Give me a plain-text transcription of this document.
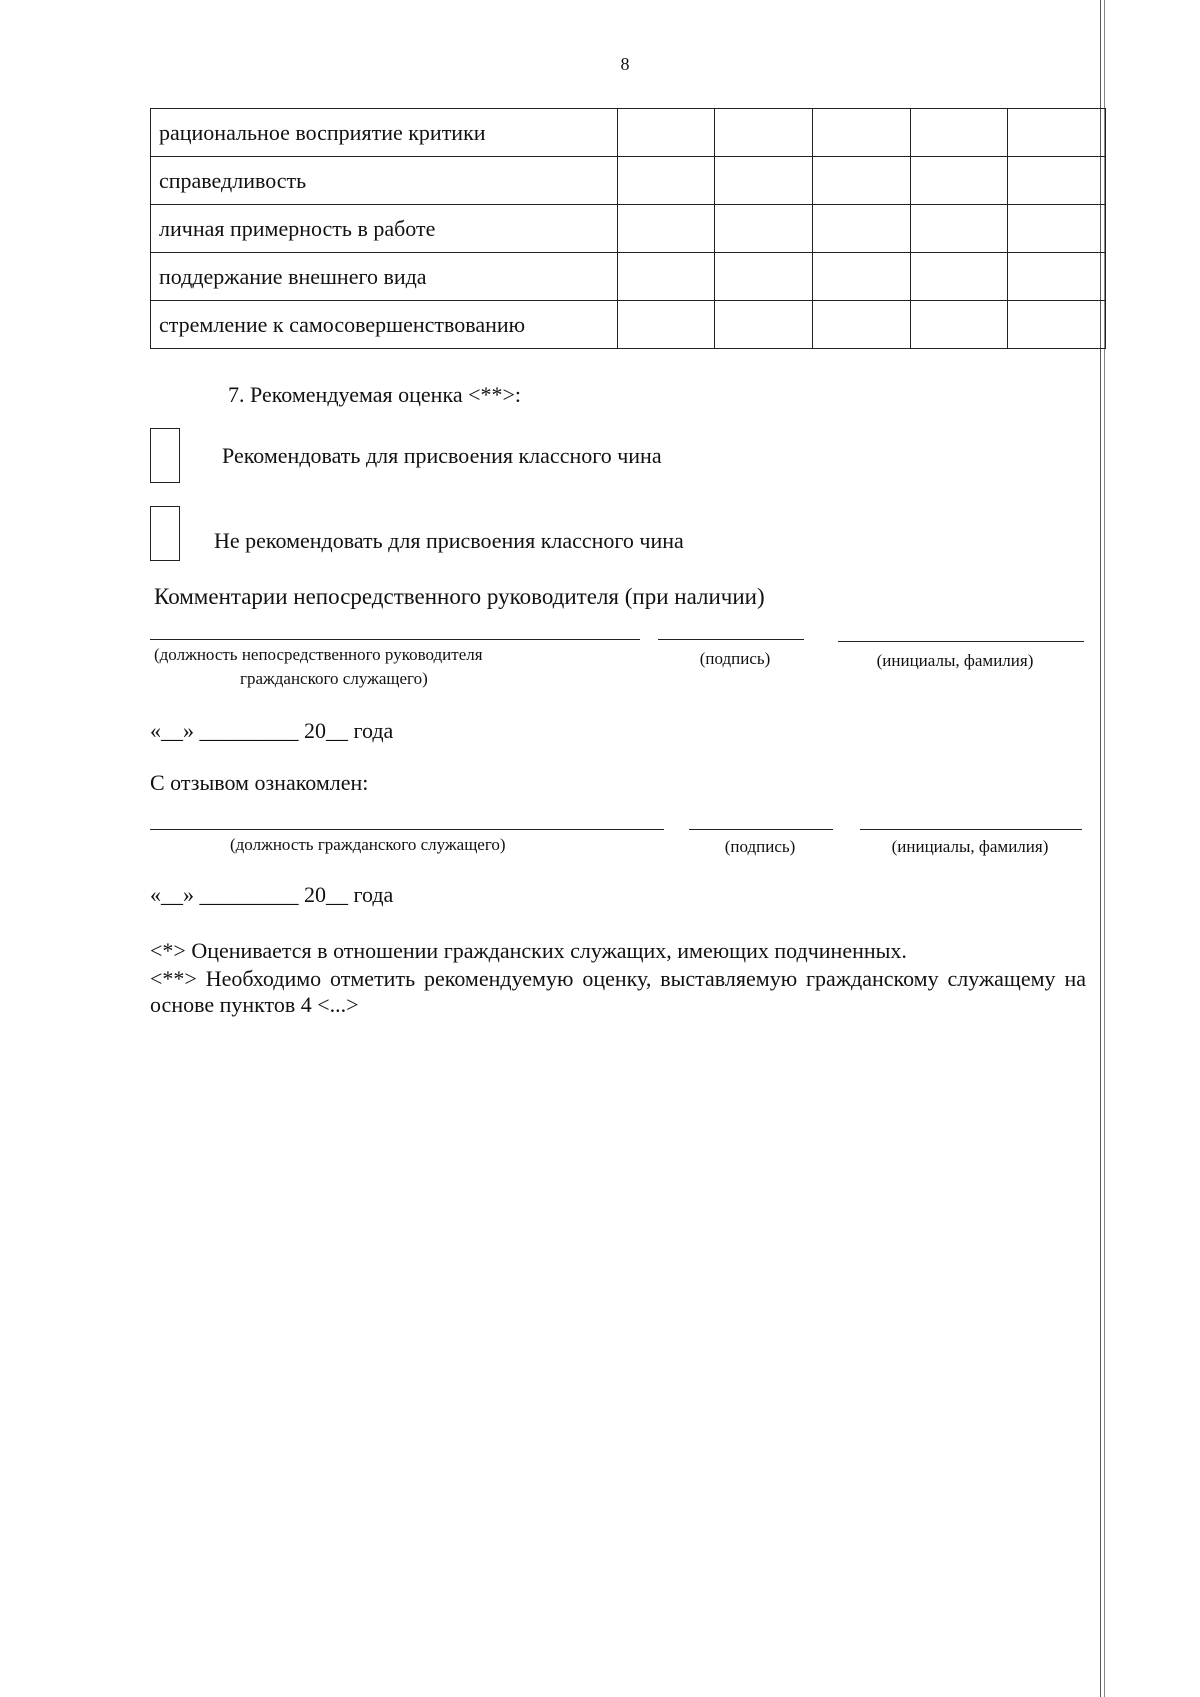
8
рациональное восприятие критики					
справедливость					
личная примерность в работе					
поддержание внешнего вида					
стремление к самосовершенствованию					
7. Рекомендуемая оценка <**>:
Рекомендовать для присвоения классного чина
Не рекомендовать для присвоения классного чина
Комментарии непосредственного руководителя (при наличии)
(должность непосредственного руководителя
гражданского служащего)
(подпись)	(инициалы, фамилия)
«__» _________ 20__ года
С отзывом ознакомлен:
(должность гражданского служащего)	(подпись)	(инициалы, фамилия)
«__» _________ 20__ года
<*> Оценивается в отношении гражданских служащих, имеющих подчиненных.
<**> Необходимо отметить рекомендуемую оценку, выставляемую гражданскому служащему на основе пунктов 4 <...>
